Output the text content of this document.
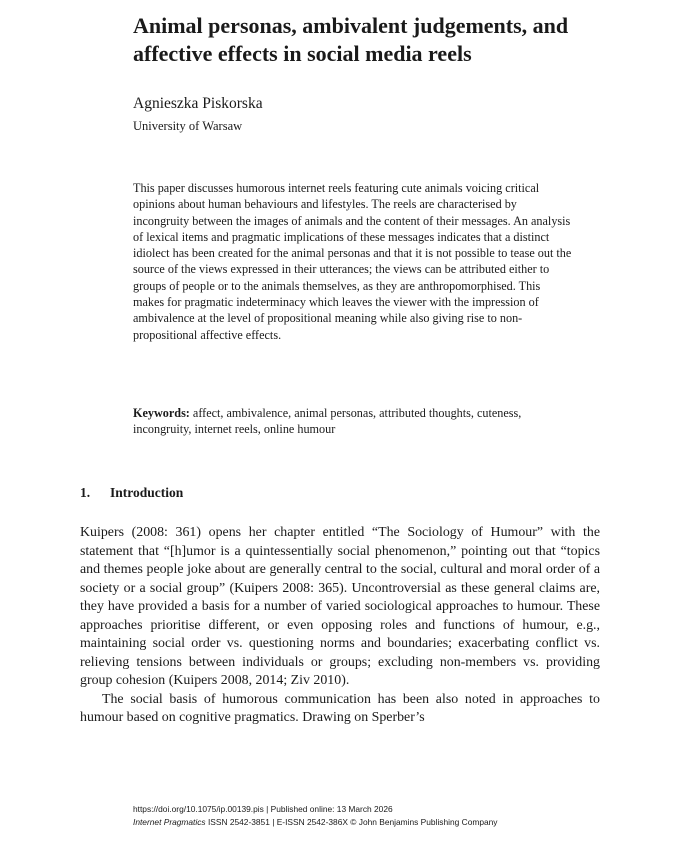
Animal personas, ambivalent judgements, and affective effects in social media reels
Agnieszka Piskorska
University of Warsaw

This paper discusses humorous internet reels featuring cute animals voicing critical opinions about human behaviours and lifestyles. The reels are characterised by incongruity between the images of animals and the content of their messages. An analysis of lexical items and pragmatic implications of these messages indicates that a distinct idiolect has been created for the animal personas and that it is not possible to tease out the source of the views expressed in their utterances; the views can be attributed either to groups of people or to the animals themselves, as they are anthropomorphised. This makes for pragmatic indeterminacy which leaves the viewer with the impression of ambivalence at the level of propositional meaning while also giving rise to non-propositional affective effects.

Keywords: affect, ambivalence, animal personas, attributed thoughts, cuteness, incongruity, internet reels, online humour

1. Introduction

Kuipers (2008: 361) opens her chapter entitled “The Sociology of Humour” with the statement that “[h]umor is a quintessentially social phenomenon,” pointing out that “topics and themes people joke about are generally central to the social, cultural and moral order of a society or a social group” (Kuipers 2008: 365). Uncontroversial as these general claims are, they have provided a basis for a number of varied sociological approaches to humour. These approaches prioritise different, or even opposing roles and functions of humour, e.g., maintaining social order vs. questioning norms and boundaries; exacerbating conflict vs. relieving tensions between individuals or groups; excluding non-members vs. providing group cohesion (Kuipers 2008, 2014; Ziv 2010).

The social basis of humorous communication has been also noted in approaches to humour based on cognitive pragmatics. Drawing on Sperber’s

https://doi.org/10.1075/ip.00139.pis | Published online: 13 March 2026
Internet Pragmatics ISSN 2542-3851 | E-ISSN 2542-386X © John Benjamins Publishing Company
